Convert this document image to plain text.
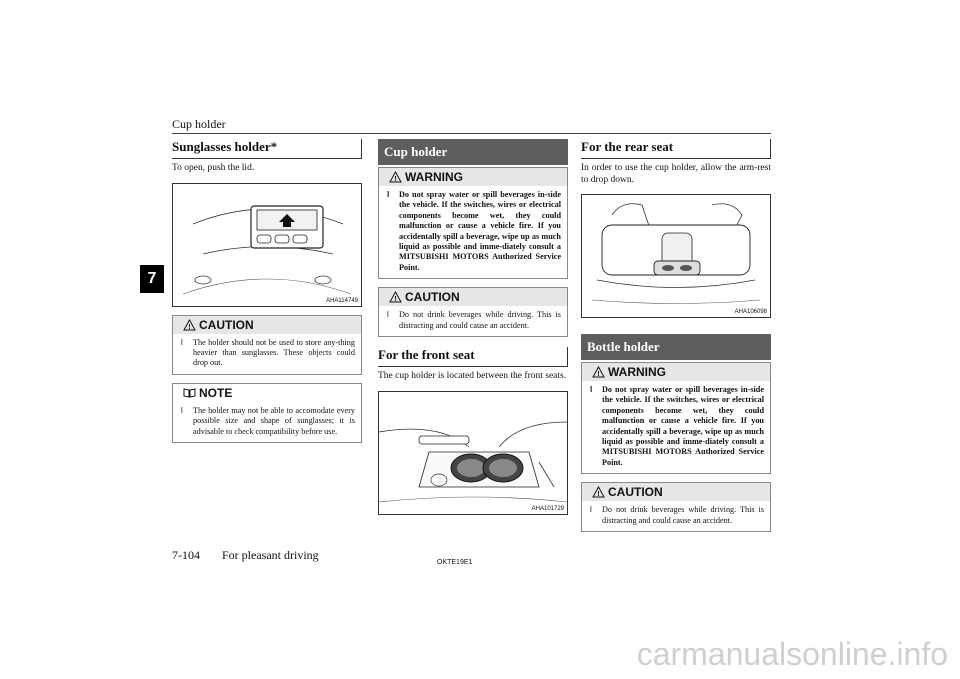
Cup holder
7
Sunglasses holder*

To open, push the lid.

AHA114749
! CAUTION
l	The holder should not be used to store any-thing heavier than sunglasses. These objects could drop out.
NOTE
l	The holder may not be able to accomodate every possible size and shape of sunglasses; it is advisable to check compatibility before use.
Cup holder
! WARNING
l	Do not spray water or spill beverages in-side the vehicle. If the switches, wires or electrical components become wet, they could malfunction or cause a vehicle fire. If you accidentally spill a beverage, wipe up as much liquid as possible and imme-diately consult a MITSUBISHI MOTORS Authorized Service Point.
! CAUTION
l	Do not drink beverages while driving. This is distracting and could cause an accident.
For the front seat

The cup holder is located between the front seats.

AHA101729
For the rear seat

In order to use the cup holder, allow the arm-rest to drop down.

AHA106098
Bottle holder
! WARNING
l	Do not spray water or spill beverages in-side the vehicle. If the switches, wires or electrical components become wet, they could malfunction or cause a vehicle fire. If you accidentally spill a beverage, wipe up as much liquid as possible and imme-diately consult a MITSUBISHI MOTORS Authorized Service Point.
! CAUTION
l	Do not drink beverages while driving. This is distracting and could cause an accident.
7-104 For pleasant driving
OKTE19E1
carmanualsonline.info
